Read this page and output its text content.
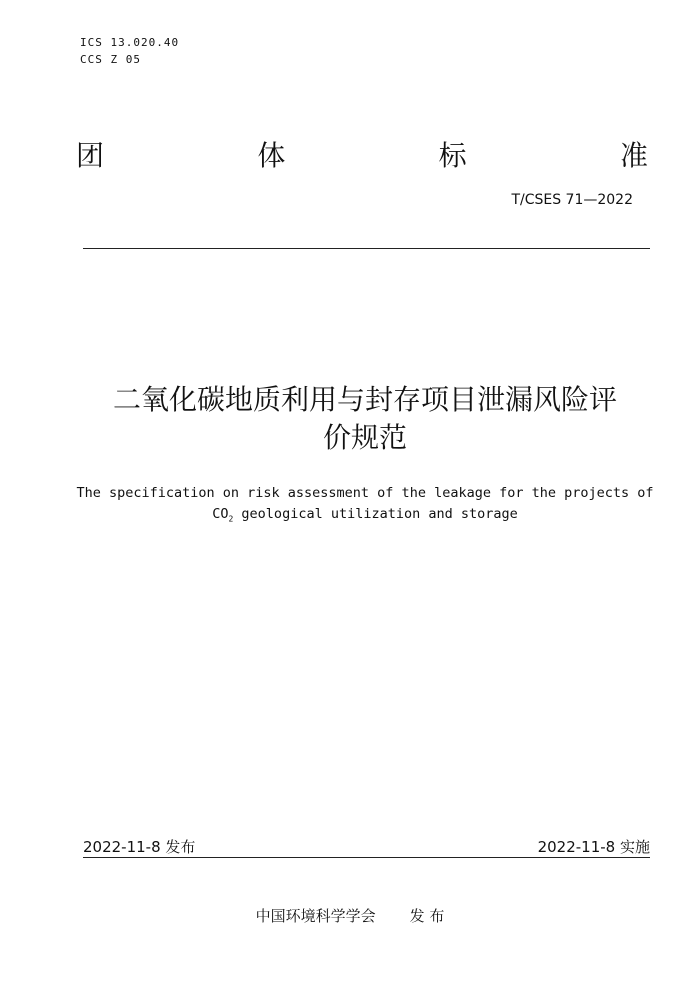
ICS 13.020.40
CCS Z 05
团	体	标	准
T/CSES 71—2022
二氧化碳地质利用与封存项目泄漏风险评
价规范
The specification on risk assessment of the leakage for the projects of
$CO_2$ geological utilization and storage
2022-11-8 发布	2022-11-8 实施
中国环境科学学会 发 布
